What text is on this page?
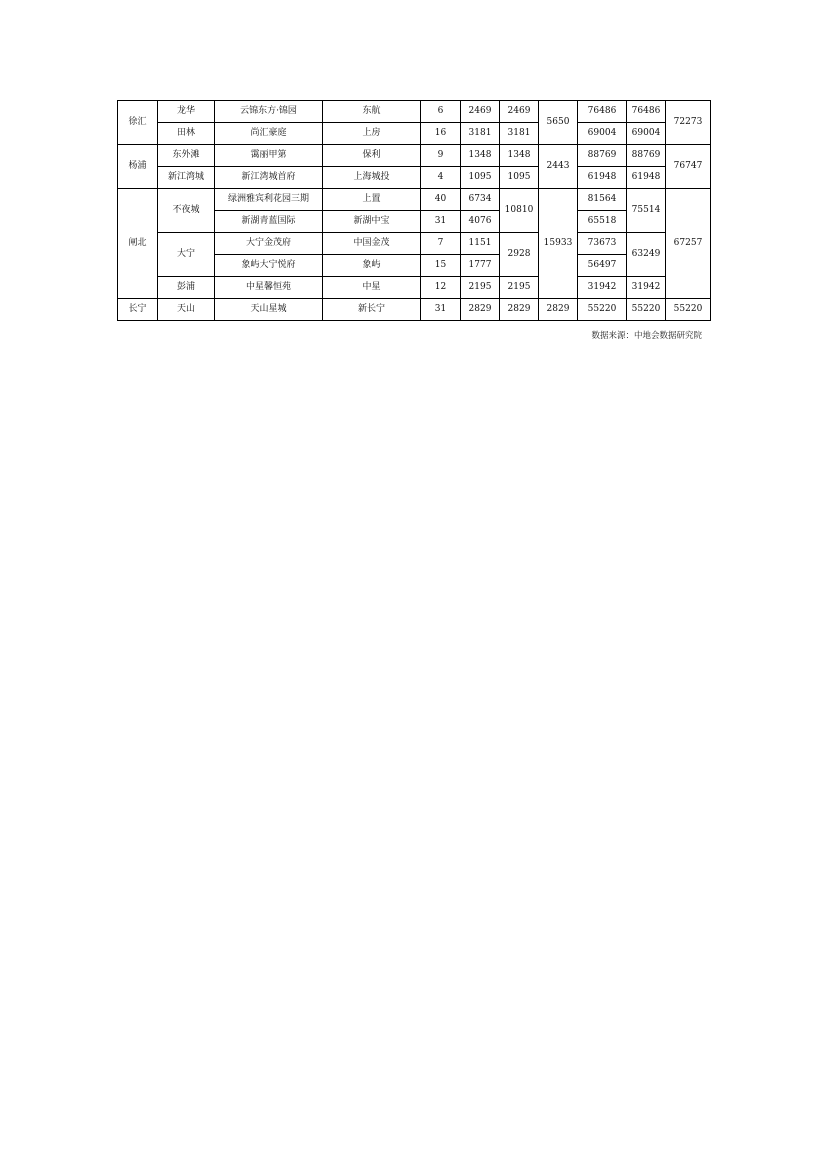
徐汇	龙华	云锦东方·锦园	东航	6	2469	2469	5650	76486	76486	72273
	田林	尚汇豪庭	上房	16	3181	3181		69004	69004	
杨浦	东外滩	霭丽甲第	保利	9	1348	1348	2443	88769	88769	76747
	新江湾城	新江湾城首府	上海城投	4	1095	1095		61948	61948	
闸北	不夜城	绿洲雅宾利花园三期	上置	40	6734	10810	15933	81564	75514	67257
		新湖青蓝国际	新湖中宝	31	4076			65518		
	大宁	大宁金茂府	中国金茂	7	1151	2928		73673	63249	
		象屿大宁悦府	象屿	15	1777			56497		
	彭浦	中星馨恒苑	中星	12	2195	2195		31942	31942	
长宁	天山	天山星城	新长宁	31	2829	2829	2829	55220	55220	55220
数据来源：中地会数据研究院
